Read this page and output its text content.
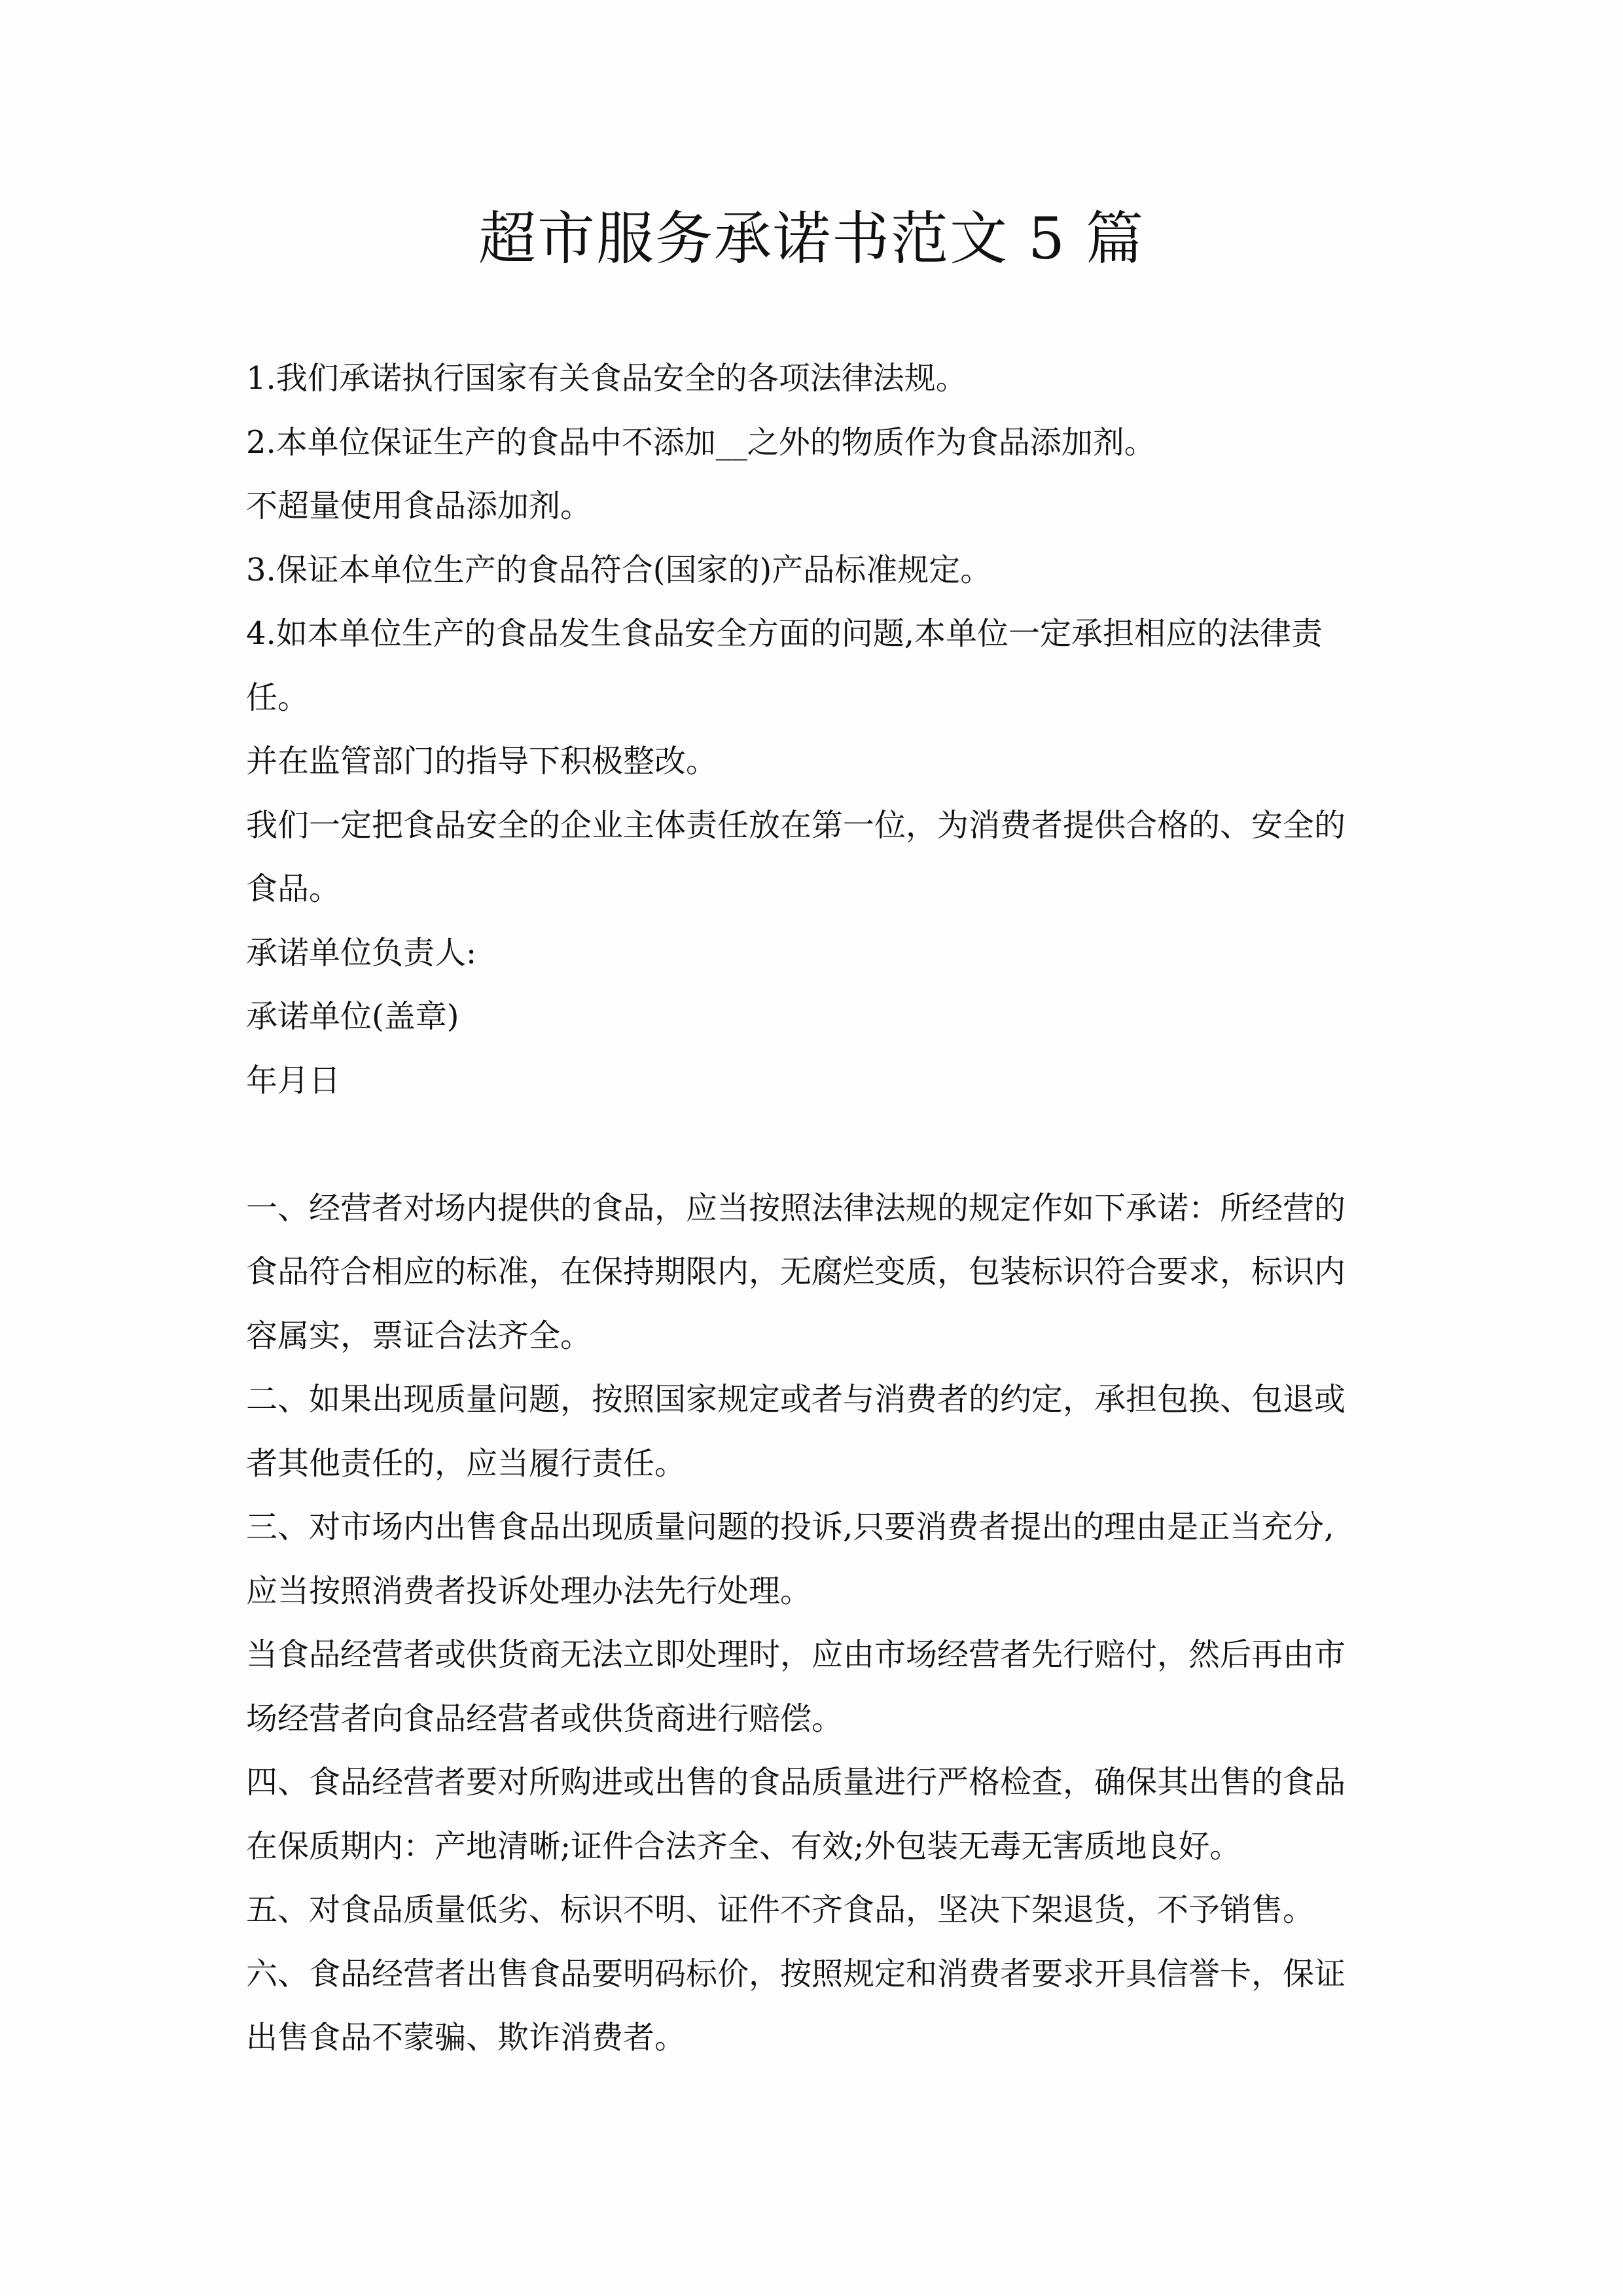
超市服务承诺书范文 5 篇

1.我们承诺执行国家有关食品安全的各项法律法规。

2.本单位保证生产的食品中不添加__之外的物质作为食品添加剂。

不超量使用食品添加剂。

3.保证本单位生产的食品符合(国家的)产品标准规定。

4.如本单位生产的食品发生食品安全方面的问题,本单位一定承担相应的法律责

任。

并在监管部门的指导下积极整改。

我们一定把食品安全的企业主体责任放在第一位，为消费者提供合格的、安全的

食品。

承诺单位负责人:

承诺单位(盖章)

年月日

一、经营者对场内提供的食品，应当按照法律法规的规定作如下承诺：所经营的

食品符合相应的标准，在保持期限内，无腐烂变质，包装标识符合要求，标识内

容属实，票证合法齐全。

二、如果出现质量问题，按照国家规定或者与消费者的约定，承担包换、包退或

者其他责任的，应当履行责任。

三、对市场内出售食品出现质量问题的投诉,只要消费者提出的理由是正当充分,

应当按照消费者投诉处理办法先行处理。

当食品经营者或供货商无法立即处理时，应由市场经营者先行赔付，然后再由市

场经营者向食品经营者或供货商进行赔偿。

四、食品经营者要对所购进或出售的食品质量进行严格检查，确保其出售的食品

在保质期内：产地清晰;证件合法齐全、有效;外包装无毒无害质地良好。

五、对食品质量低劣、标识不明、证件不齐食品，坚决下架退货，不予销售。

六、食品经营者出售食品要明码标价，按照规定和消费者要求开具信誉卡，保证

出售食品不蒙骗、欺诈消费者。
